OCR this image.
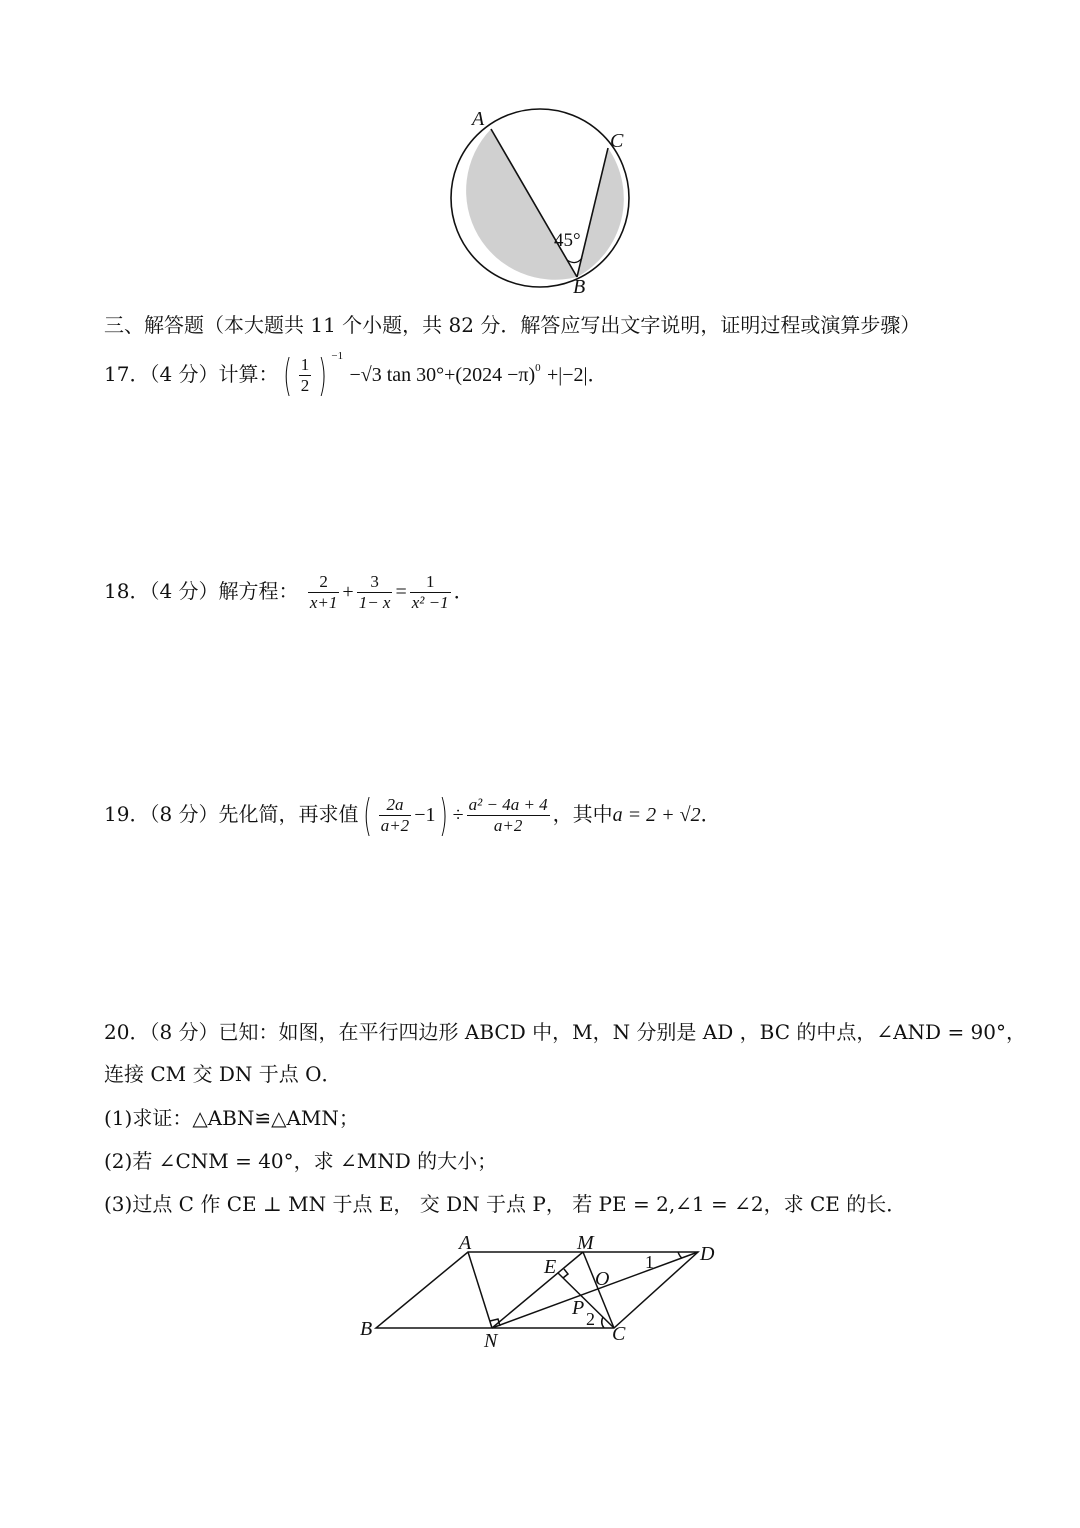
A
C
B
45°
三、解答题（本大题共 11 个小题，共 82 分．解答应写出文字说明，证明过程或演算步骤）
17．（4 分）计算：( $\frac{1}{2}$ ) $^{-1}$ −√3 $\tan 30^\circ+(2024 -\pi)^0 +|-2|$．
18．（4 分）解方程： $\frac{2}{x+1} + \frac{3}{1- x} = \frac{1}{\text{x² −1}}$ ．
19．（8 分）先化简，再求值( $\frac{2a}{a+2} -1) \div \frac{\text{a² − 4a + 4}}{a+2}$ ，其中a = 2 + √2．
20．（8 分）已知：如图，在平行四边形 ABCD 中，M，N 分别是 AD ，BC 的中点，∠AND = 90°，
连接 CM 交 DN 于点 O．
(1)求证：△ABN≌△AMN；
(2)若 ∠CNM = 40°，求 ∠MND 的大小；
(3)过点 C 作 CE ⊥ MN 于点 E， 交 DN 于点 P， 若 PE = 2,∠1 = ∠2，求 CE 的长．
A	M	D
E
O
P
B
N	C
1
2
